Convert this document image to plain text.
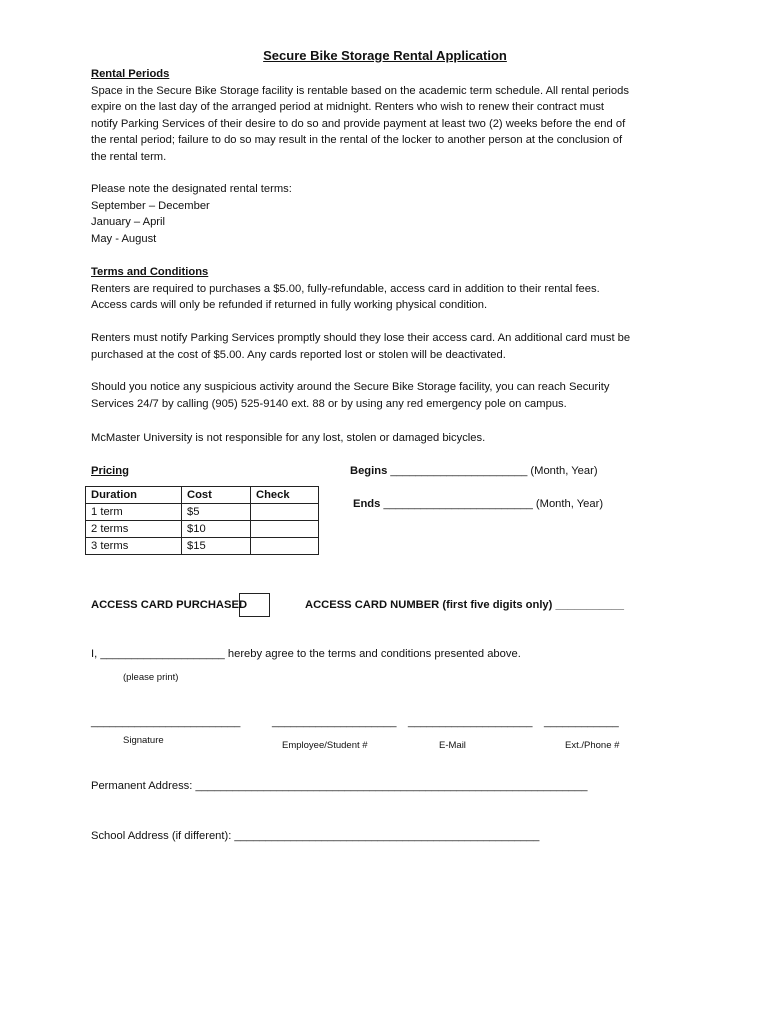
Secure Bike Storage Rental Application
Rental Periods
Space in the Secure Bike Storage facility is rentable based on the academic term schedule. All rental periods
expire on the last day of the arranged period at midnight. Renters who wish to renew their contract must
notify Parking Services of their desire to do so and provide payment at least two (2) weeks before the end of
the rental period; failure to do so may result in the rental of the locker to another person at the conclusion of
the rental term.
Please note the designated rental terms:
September – December
January – April
May - August
Terms and Conditions
Renters are required to purchases a $5.00, fully-refundable, access card in addition to their rental fees.
Access cards will only be refunded if returned in fully working physical condition.
Renters must notify Parking Services promptly should they lose their access card. An additional card must be
purchased at the cost of $5.00. Any cards reported lost or stolen will be deactivated.
Should you notice any suspicious activity around the Secure Bike Storage facility, you can reach Security
Services 24/7 by calling (905) 525-9140 ext. 88 or by using any red emergency pole on campus.
McMaster University is not responsible for any lost, stolen or damaged bicycles.
Pricing
Duration	Cost	Check
1 term	$5	
2 terms	$10	
3 terms	$15	
Begins ______________________ (Month, Year)
Ends ________________________ (Month, Year)
ACCESS CARD PURCHASED	ACCESS CARD NUMBER (first five digits only) ___________
I, ____________________ hereby agree to the terms and conditions presented above.
(please print)
________________________	____________________ ____________________ ____________
Signature	Employee/Student #	E-Mail	Ext./Phone #
Permanent Address: _______________________________________________________________
School Address (if different): _________________________________________________
